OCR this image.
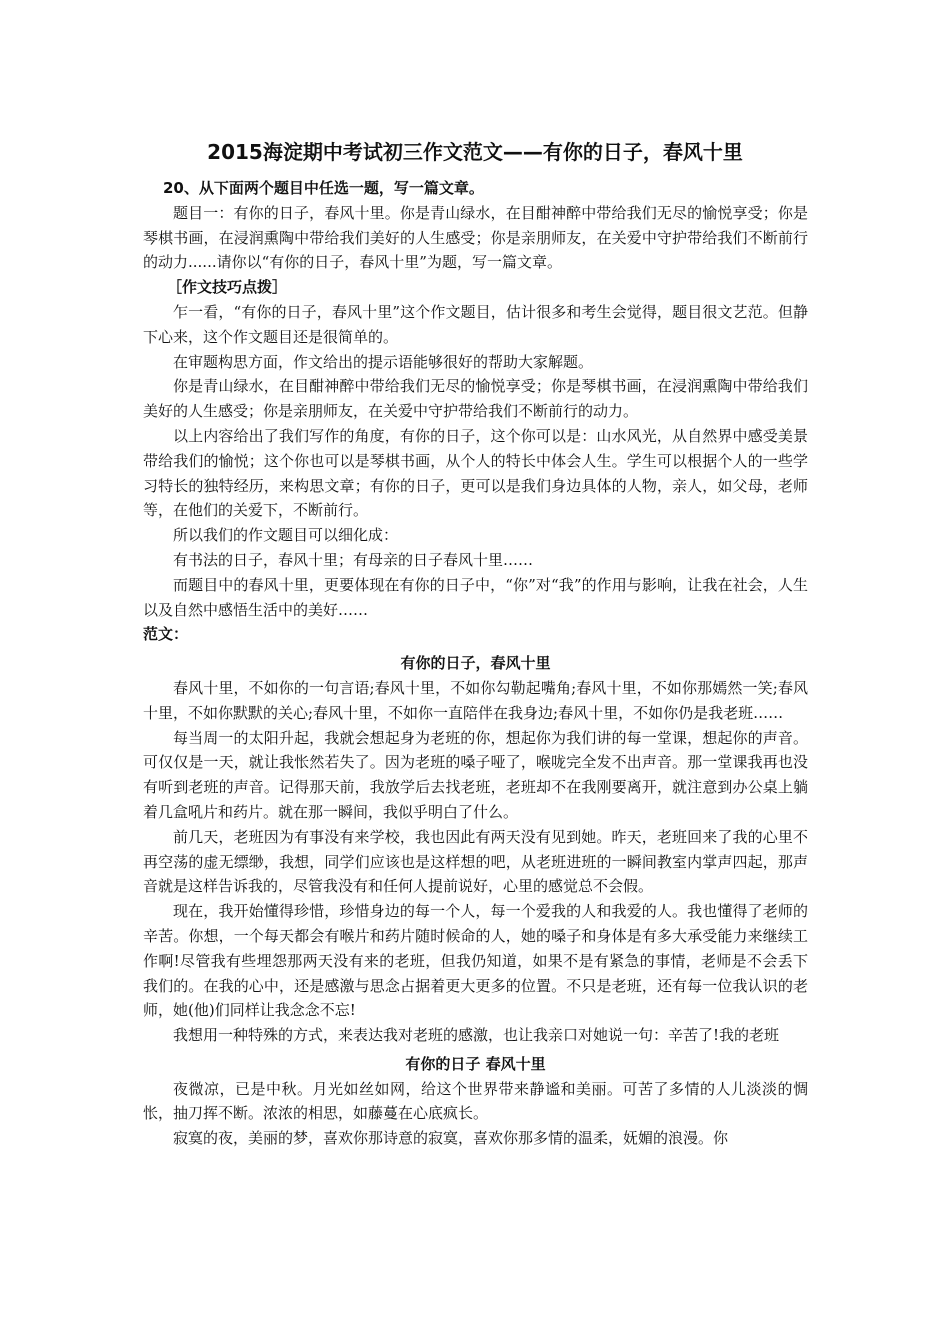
2015海淀期中考试初三作文范文——有你的日子，春风十里

20、从下面两个题目中任选一题，写一篇文章。

题目一：有你的日子，春风十里。你是青山绿水，在目酣神醉中带给我们无尽的愉悦享受；你是琴棋书画，在浸润熏陶中带给我们美好的人生感受；你是亲朋师友，在关爱中守护带给我们不断前行的动力......请你以“有你的日子，春风十里”为题，写一篇文章。

［作文技巧点拨］

乍一看，“有你的日子，春风十里”这个作文题目，估计很多和考生会觉得，题目很文艺范。但静下心来，这个作文题目还是很简单的。

在审题构思方面，作文给出的提示语能够很好的帮助大家解题。

你是青山绿水，在目酣神醉中带给我们无尽的愉悦享受；你是琴棋书画，在浸润熏陶中带给我们美好的人生感受；你是亲朋师友，在关爱中守护带给我们不断前行的动力。

以上内容给出了我们写作的角度，有你的日子，这个你可以是：山水风光，从自然界中感受美景带给我们的愉悦；这个你也可以是琴棋书画，从个人的特长中体会人生。学生可以根据个人的一些学习特长的独特经历，来构思文章；有你的日子，更可以是我们身边具体的人物，亲人，如父母，老师等，在他们的关爱下，不断前行。

所以我们的作文题目可以细化成：

有书法的日子，春风十里；有母亲的日子春风十里……

而题目中的春风十里，更要体现在有你的日子中，“你”对“我”的作用与影响，让我在社会，人生以及自然中感悟生活中的美好……

范文：

有你的日子，春风十里

春风十里，不如你的一句言语;春风十里，不如你勾勒起嘴角;春风十里，不如你那嫣然一笑;春风十里，不如你默默的关心;春风十里，不如你一直陪伴在我身边;春风十里，不如你仍是我老班……

每当周一的太阳升起，我就会想起身为老班的你，想起你为我们讲的每一堂课，想起你的声音。可仅仅是一天，就让我怅然若失了。因为老班的嗓子哑了，喉咙完全发不出声音。那一堂课我再也没有听到老班的声音。记得那天前，我放学后去找老班，老班却不在我刚要离开，就注意到办公桌上躺着几盒吼片和药片。就在那一瞬间，我似乎明白了什么。

前几天，老班因为有事没有来学校，我也因此有两天没有见到她。昨天，老班回来了我的心里不再空荡的虚无缥缈，我想，同学们应该也是这样想的吧，从老班进班的一瞬间教室内掌声四起，那声音就是这样告诉我的，尽管我没有和任何人提前说好，心里的感觉总不会假。

现在，我开始懂得珍惜，珍惜身边的每一个人，每一个爱我的人和我爱的人。我也懂得了老师的辛苦。你想，一个每天都会有喉片和药片随时候命的人，她的嗓子和身体是有多大承受能力来继续工作啊!尽管我有些埋怨那两天没有来的老班，但我仍知道，如果不是有紧急的事情，老师是不会丢下我们的。在我的心中，还是感激与思念占据着更大更多的位置。不只是老班，还有每一位我认识的老师，她(他)们同样让我念念不忘!

我想用一种特殊的方式，来表达我对老班的感激，也让我亲口对她说一句：辛苦了!我的老班

有你的日子 春风十里

夜微凉，已是中秋。月光如丝如网，给这个世界带来静谧和美丽。可苦了多情的人儿淡淡的惆怅，抽刀挥不断。浓浓的相思，如藤蔓在心底疯长。

寂寞的夜，美丽的梦，喜欢你那诗意的寂寞，喜欢你那多情的温柔，妩媚的浪漫。你
